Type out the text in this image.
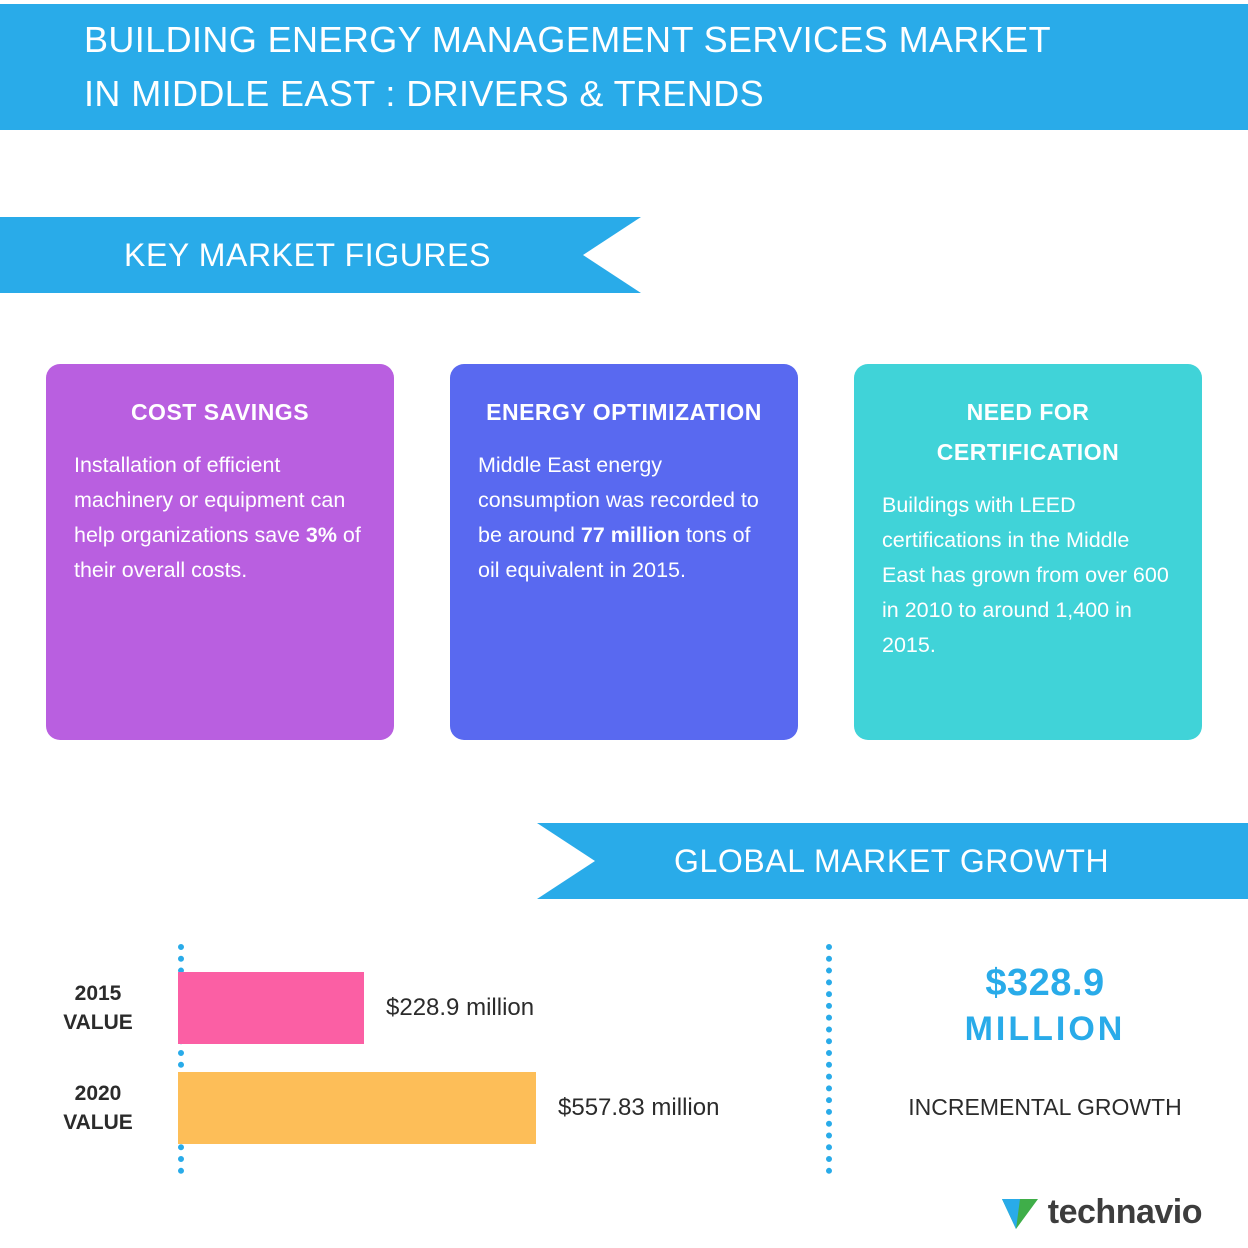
BUILDING ENERGY MANAGEMENT SERVICES MARKET
IN MIDDLE EAST : DRIVERS & TRENDS
KEY MARKET FIGURES
COST SAVINGS
Installation of efficient machinery or equipment can help organizations save 3% of their overall costs.
ENERGY OPTIMIZATION
Middle East energy consumption was recorded to be around 77 million tons of oil equivalent in 2015.
NEED FOR CERTIFICATION
Buildings with LEED certifications in the Middle East has grown from over 600 in 2010 to around 1,400 in 2015.
GLOBAL MARKET GROWTH
2015
VALUE
$228.9 million
2020
VALUE
$557.83 million
$328.9
MILLION
INCREMENTAL GROWTH
technavio
